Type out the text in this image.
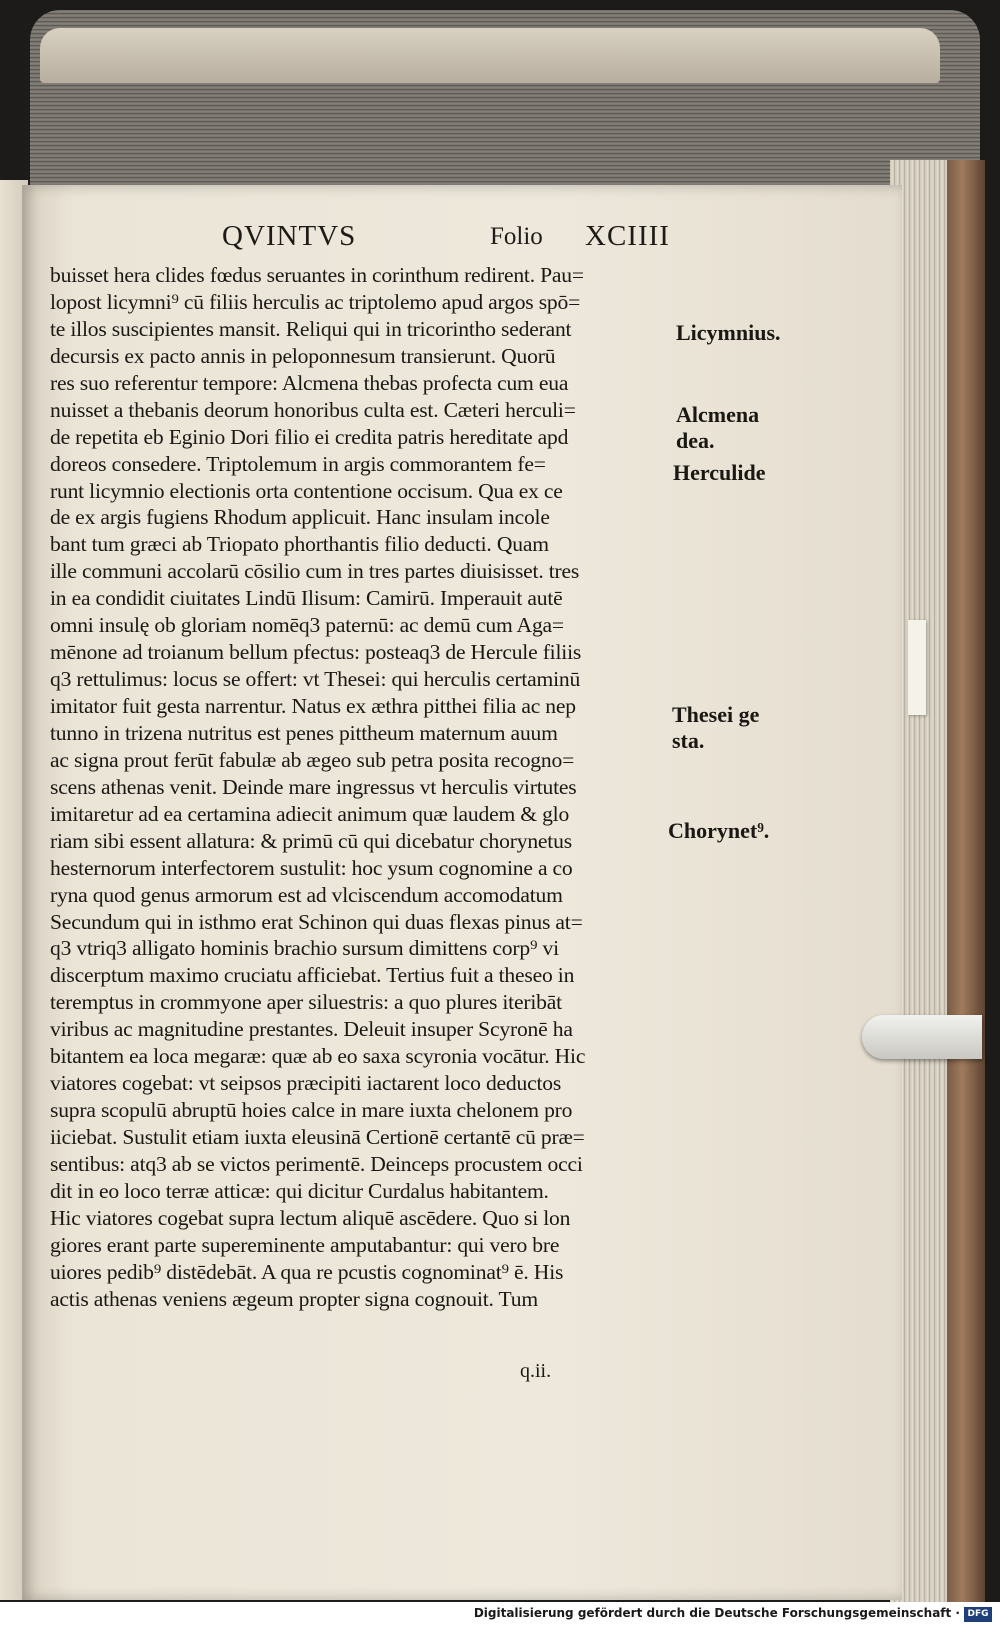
QVINTVS	Folio XCIIII
buisset hera clides fœdus seruantes in corinthum redirent. Pau=
lopost licymni⁹ cū filiis herculis ac triptolemo apud argos spō=
te illos suscipientes mansit. Reliqui qui in tricorintho sederant
decursis ex pacto annis in peloponnesum transierunt. Quorū
res suo referentur tempore: Alcmena thebas profecta cum eua
nuisset a thebanis deorum honoribus culta est. Cæteri herculi=
de repetita eb Eginio Dori filio ei credita patris hereditate apd
doreos consedere. Triptolemum in argis commorantem fe=
runt licymnio electionis orta contentione occisum. Qua ex ce
de ex argis fugiens Rhodum applicuit. Hanc insulam incole
bant tum græci ab Triopato phorthantis filio deducti. Quam
ille communi accolarū cōsilio cum in tres partes diuisisset. tres
in ea condidit ciuitates Lindū Ilisum: Camirū. Imperauit autē
omni insulę ob gloriam nomēq3 paternū: ac demū cum Aga=
mēnone ad troianum bellum pfectus: posteaq3 de Hercule filiis
q3 rettulimus: locus se offert: vt Thesei: qui herculis certaminū
imitator fuit gesta narrentur. Natus ex æthra pitthei filia ac nep
tunno in trizena nutritus est penes pittheum maternum auum
ac signa prout ferūt fabulæ ab ægeo sub petra posita recogno=
scens athenas venit. Deinde mare ingressus vt herculis virtutes
imitaretur ad ea certamina adiecit animum quæ laudem & glo
riam sibi essent allatura: & primū cū qui dicebatur chorynetus
hesternorum interfectorem sustulit: hoc ysum cognomine a co
ryna quod genus armorum est ad vlciscendum accomodatum
Secundum qui in isthmo erat Schinon qui duas flexas pinus at=
q3 vtriq3 alligato hominis brachio sursum dimittens corp⁹ vi
discerptum maximo cruciatu afficiebat. Tertius fuit a theseo in
teremptus in crommyone aper siluestris: a quo plures iteribāt
viribus ac magnitudine prestantes. Deleuit insuper Scyronē ha
bitantem ea loca megaræ: quæ ab eo saxa scyronia vocātur. Hic
viatores cogebat: vt seipsos præcipiti iactarent loco deductos
supra scopulū abruptū hoies calce in mare iuxta chelonem pro
iiciebat. Sustulit etiam iuxta eleusinā Certionē certantē cū præ=
sentibus: atq3 ab se victos perimentē. Deinceps procustem occi
dit in eo loco terræ atticæ: qui dicitur Curdalus habitantem.
Hic viatores cogebat supra lectum aliquē ascēdere. Quo si lon
giores erant parte supereminente amputabantur: qui vero bre
uiores pedib⁹ distēdebāt. A qua re pcustis cognominat⁹ ē. His
actis athenas veniens ægeum propter signa cognouit. Tum
Licymnius.
Alcmena
dea.
Herculide
Thesei ge
sta.
Chorynet⁹.
q.ii.
Digitalisierung gefördert durch die Deutsche Forschungsgemeinschaft · DFG
